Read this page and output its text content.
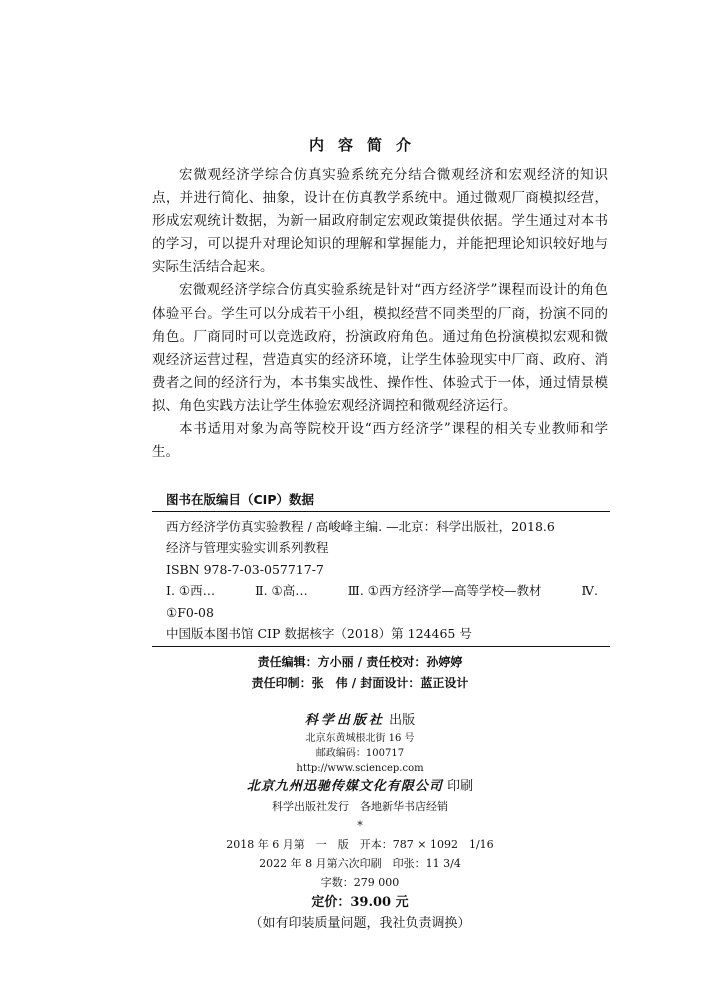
内容简介

宏微观经济学综合仿真实验系统充分结合微观经济和宏观经济的知识点，并进行简化、抽象，设计在仿真教学系统中。通过微观厂商模拟经营，形成宏观统计数据，为新一届政府制定宏观政策提供依据。学生通过对本书的学习，可以提升对理论知识的理解和掌握能力，并能把理论知识较好地与实际生活结合起来。

宏微观经济学综合仿真实验系统是针对“西方经济学”课程而设计的角色体验平台。学生可以分成若干小组，模拟经营不同类型的厂商，扮演不同的角色。厂商同时可以竞选政府，扮演政府角色。通过角色扮演模拟宏观和微观经济运营过程，营造真实的经济环境，让学生体验现实中厂商、政府、消费者之间的经济行为，本书集实战性、操作性、体验式于一体，通过情景模拟、角色实践方法让学生体验宏观经济调控和微观经济运行。

本书适用对象为高等院校开设“西方经济学”课程的相关专业教师和学生。

图书在版编目（CIP）数据
西方经济学仿真实验教程 / 高峻峰主编. —北京：科学出版社，2018.6
经济与管理实验实训系列教程
ISBN 978-7-03-057717-7
Ⅰ. ①西…	Ⅱ. ①高…	Ⅲ. ①西方经济学—高等学校—教材	Ⅳ.
①F0-08
中国版本图书馆 CIP 数据核字（2018）第 124465 号
责任编辑：方小丽 / 责任校对：孙婷婷
责任印制：张　伟 / 封面设计：蓝正设计
科学出版社 出版
北京东黄城根北街 16 号
邮政编码：100717
http://www.sciencep.com
北京九州迅驰传媒文化有限公司 印刷
科学出版社发行　各地新华书店经销
*
2018 年 6 月第　一　版　开本：787 × 1092　1/16
2022 年 8 月第六次印刷　印张：11 3/4
字数：279 000
定价：39.00 元
（如有印装质量问题，我社负责调换）
